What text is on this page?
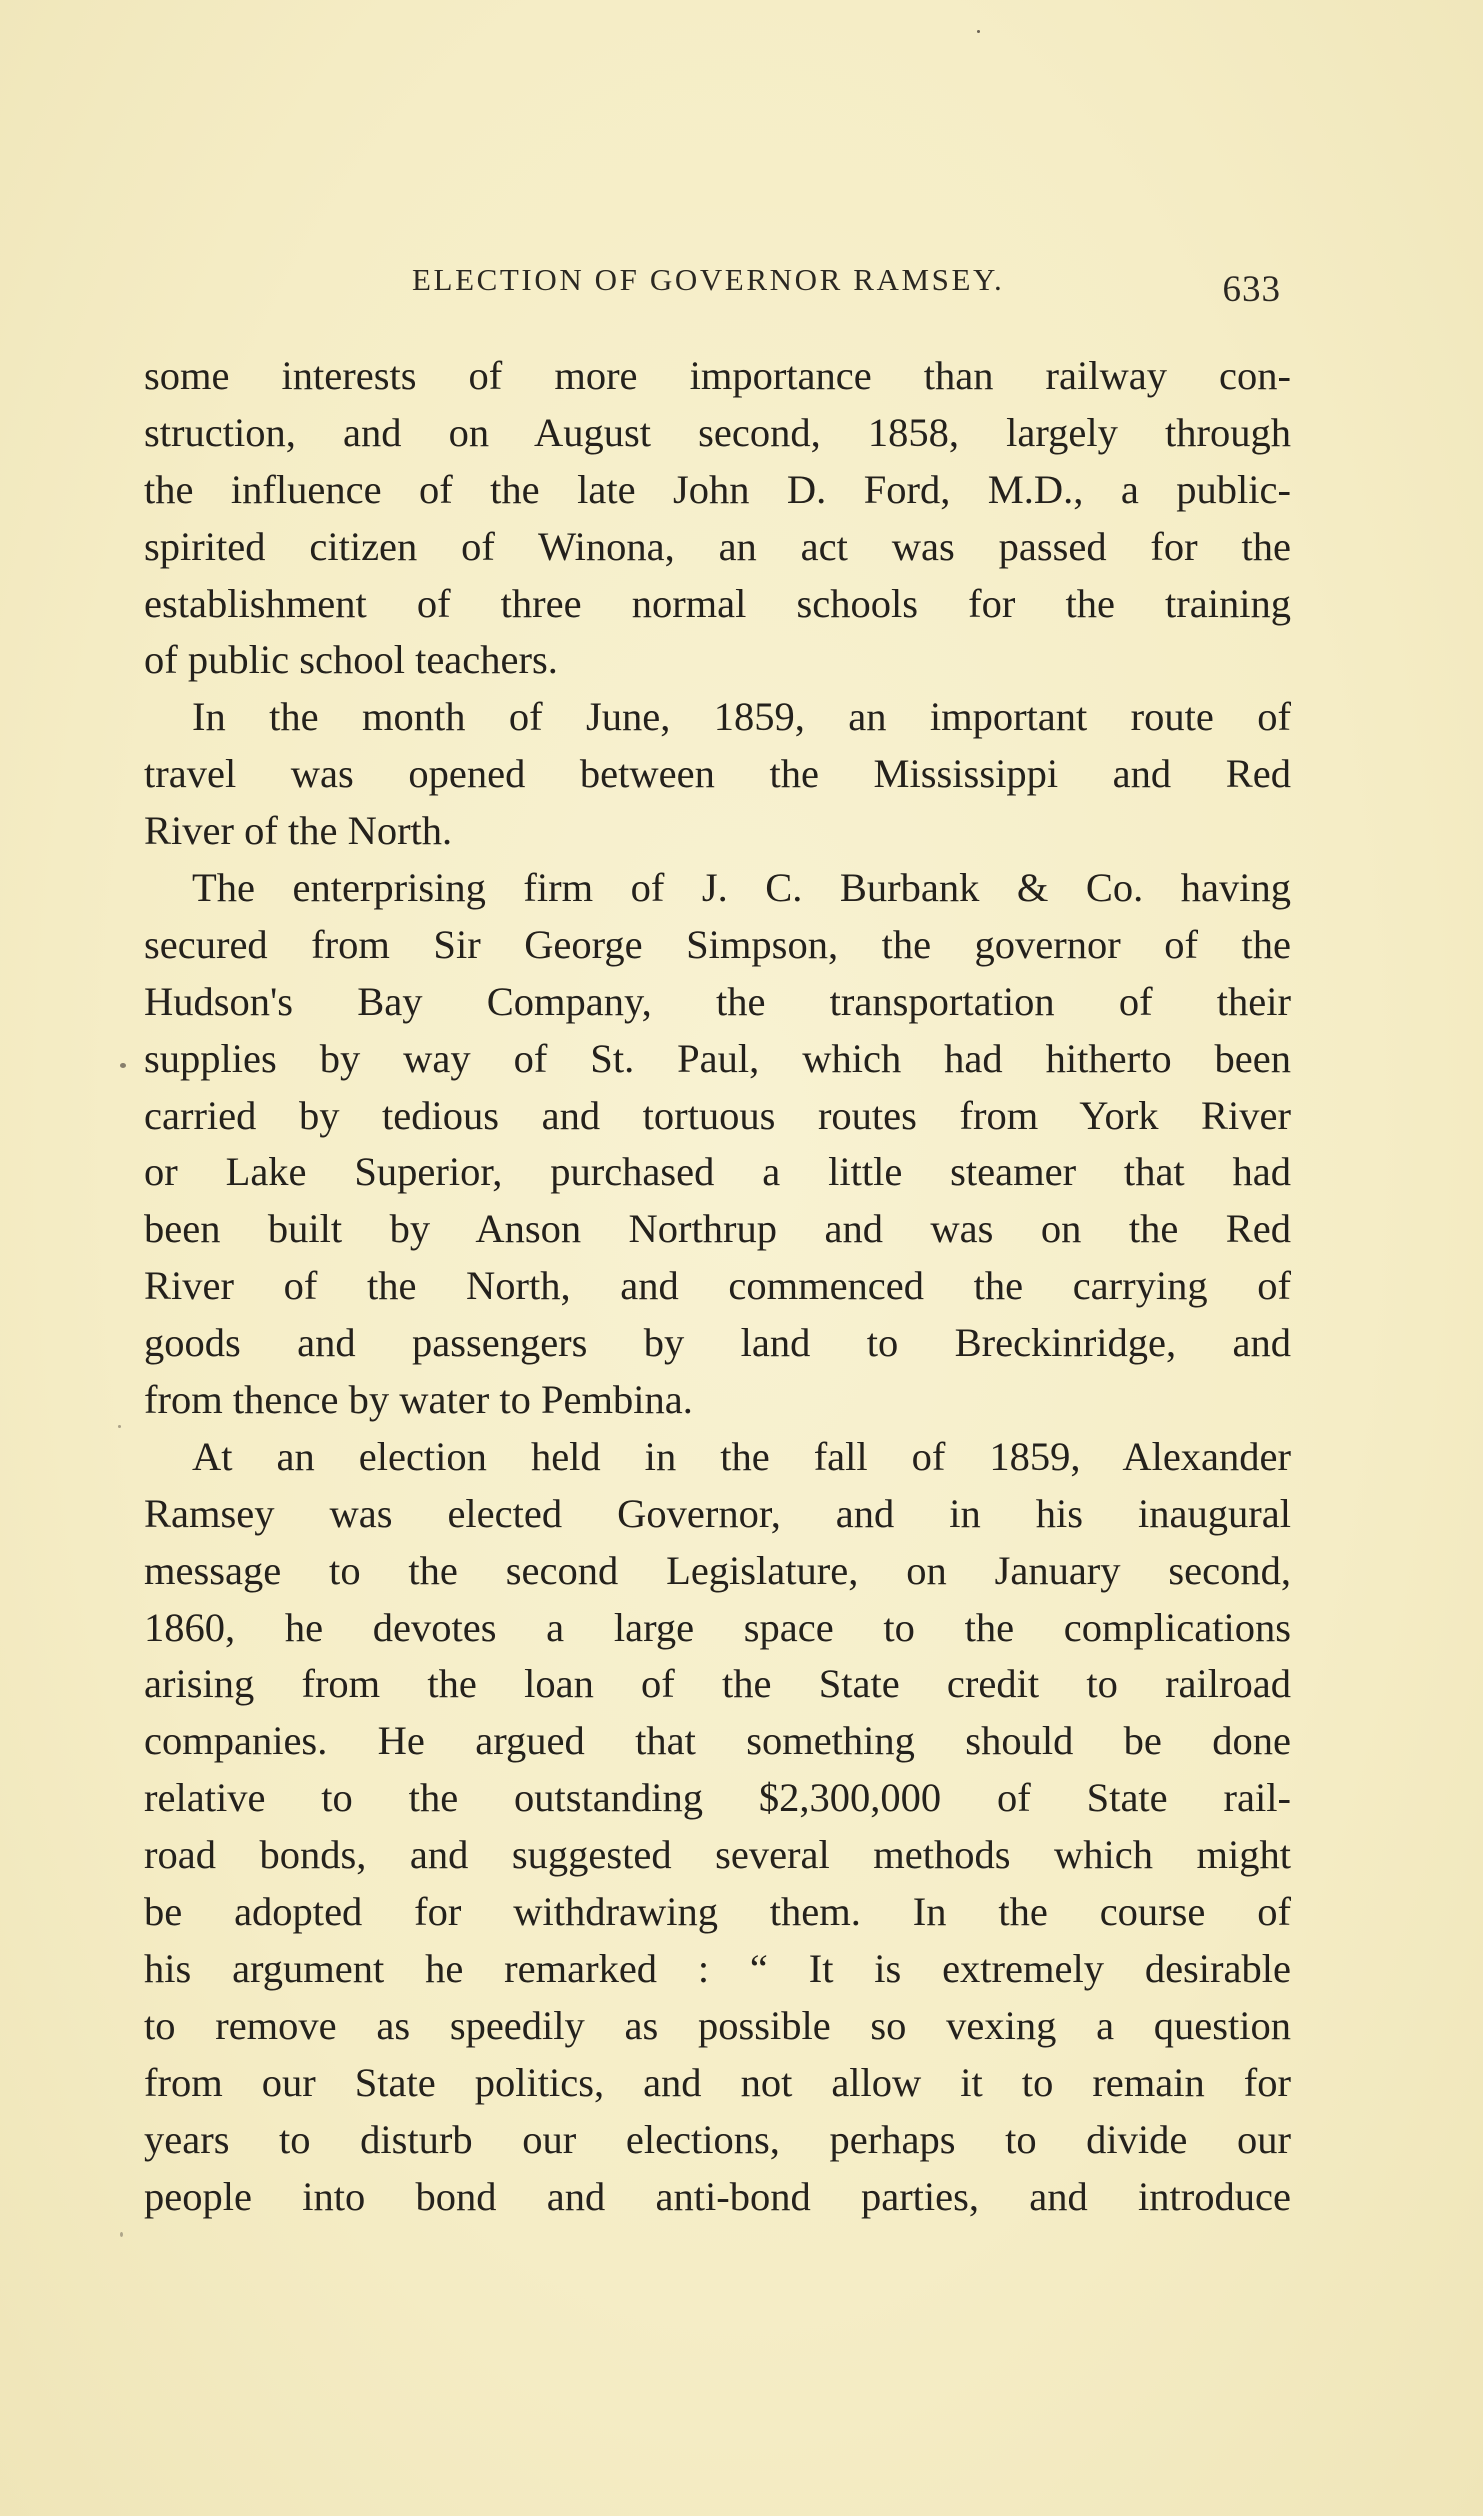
ELECTION OF GOVERNOR RAMSEY.	633
some interests of more importance than railway con-
struction, and on August second, 1858, largely through
the influence of the late John D. Ford, M.D., a public-
spirited citizen of Winona, an act was passed for the
establishment of three normal schools for the training
of public school teachers.
In the month of June, 1859, an important route of
travel was opened between the Mississippi and Red
River of the North.
The enterprising firm of J. C. Burbank & Co. having
secured from Sir George Simpson, the governor of the
Hudson's Bay Company, the transportation of their
supplies by way of St. Paul, which had hitherto been
carried by tedious and tortuous routes from York River
or Lake Superior, purchased a little steamer that had
been built by Anson Northrup and was on the Red
River of the North, and commenced the carrying of
goods and passengers by land to Breckinridge, and
from thence by water to Pembina.
At an election held in the fall of 1859, Alexander
Ramsey was elected Governor, and in his inaugural
message to the second Legislature, on January second,
1860, he devotes a large space to the complications
arising from the loan of the State credit to railroad
companies. He argued that something should be done
relative to the outstanding $2,300,000 of State rail-
road bonds, and suggested several methods which might
be adopted for withdrawing them. In the course of
his argument he remarked : “ It is extremely desirable
to remove as speedily as possible so vexing a question
from our State politics, and not allow it to remain for
years to disturb our elections, perhaps to divide our
people into bond and anti-bond parties, and introduce
